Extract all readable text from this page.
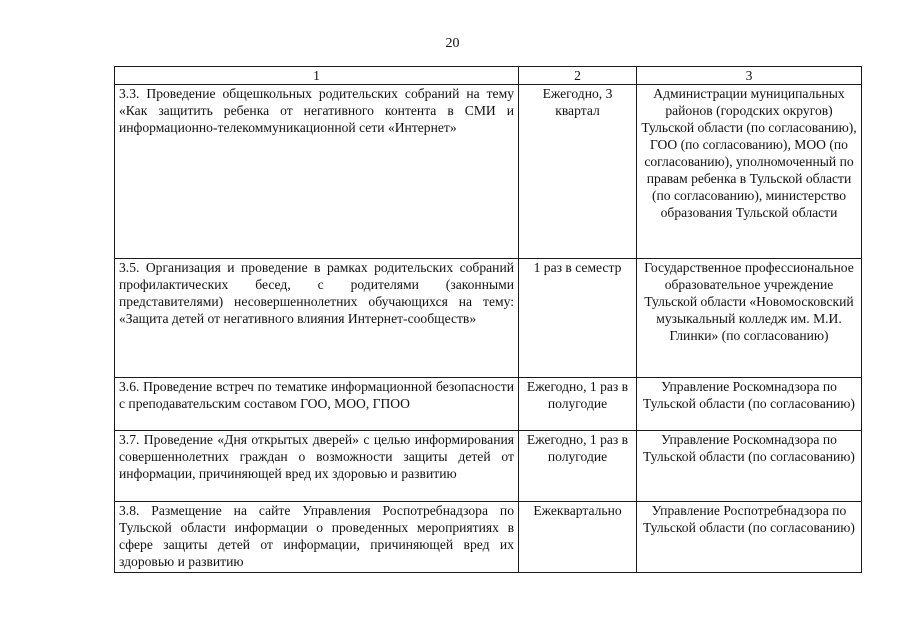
20
1	2	3
3.3. Проведение общешкольных родительских собраний на тему «Как защитить ребенка от негативного контента в СМИ и информационно-телекоммуникационной сети «Интернет»	Ежегодно, 3 квартал	Администрации муниципальных районов (городских округов) Тульской области (по согласованию), ГОО (по согласованию), МОО (по согласованию), уполномоченный по правам ребенка в Тульской области (по согласованию), министерство образования Тульской области
3.5. Организация и проведение в рамках родительских собраний профилактических бесед, с родителями (законными представителями) несовершеннолетних обучающихся на тему: «Защита детей от негативного влияния Интернет-сообществ»	1 раз в семестр	Государственное профессиональное образовательное учреждение Тульской области «Новомосковский музыкальный колледж им. М.И. Глинки» (по согласованию)
3.6. Проведение встреч по тематике информационной безопасности с преподавательским составом ГОО, МОО, ГПОО	Ежегодно, 1 раз в полугодие	Управление Роскомнадзора по Тульской области (по согласованию)
3.7. Проведение «Дня открытых дверей» с целью информирования совершеннолетних граждан о возможности защиты детей от информации, причиняющей вред их здоровью и развитию	Ежегодно, 1 раз в полугодие	Управление Роскомнадзора по Тульской области (по согласованию)
3.8. Размещение на сайте Управления Роспотребнадзора по Тульской области информации о проведенных мероприятиях в сфере защиты детей от информации, причиняющей вред их здоровью и развитию	Ежеквартально	Управление Роспотребнадзора по Тульской области (по согласованию)
